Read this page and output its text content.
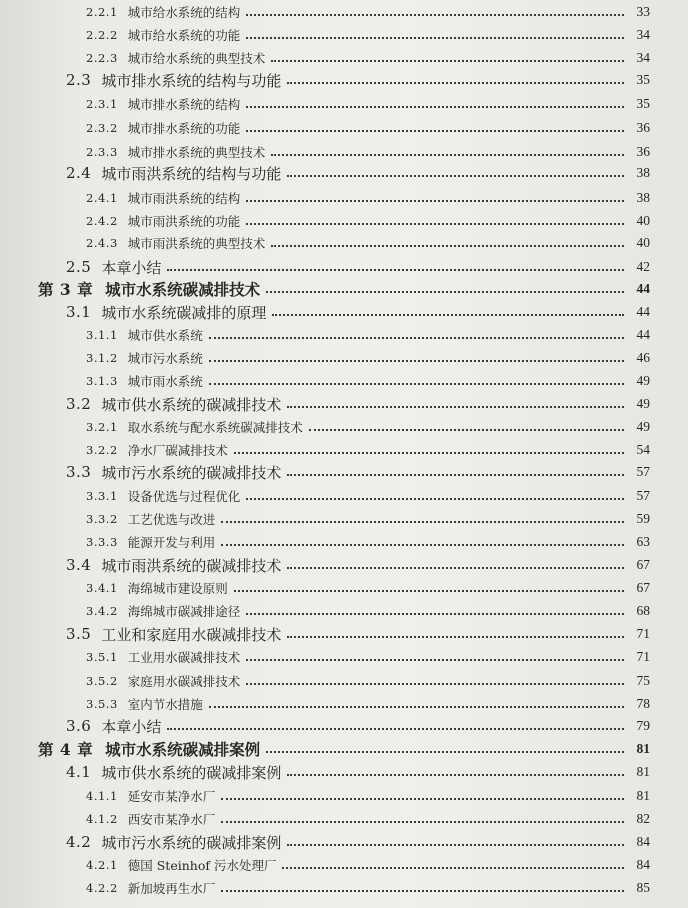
2.2.1 城市给水系统的结构	33
2.2.2 城市给水系统的功能	34
2.2.3 城市给水系统的典型技术	34
2.3 城市排水系统的结构与功能	35
2.3.1 城市排水系统的结构	35
2.3.2 城市排水系统的功能	36
2.3.3 城市排水系统的典型技术	36
2.4 城市雨洪系统的结构与功能	38
2.4.1 城市雨洪系统的结构	38
2.4.2 城市雨洪系统的功能	40
2.4.3 城市雨洪系统的典型技术	40
2.5 本章小结	42
第 3 章 城市水系统碳减排技术	44
3.1 城市水系统碳减排的原理	44
3.1.1 城市供水系统	44
3.1.2 城市污水系统	46
3.1.3 城市雨水系统	49
3.2 城市供水系统的碳减排技术	49
3.2.1 取水系统与配水系统碳减排技术	49
3.2.2 净水厂碳减排技术	54
3.3 城市污水系统的碳减排技术	57
3.3.1 设备优选与过程优化	57
3.3.2 工艺优选与改进	59
3.3.3 能源开发与利用	63
3.4 城市雨洪系统的碳减排技术	67
3.4.1 海绵城市建设原则	67
3.4.2 海绵城市碳减排途径	68
3.5 工业和家庭用水碳减排技术	71
3.5.1 工业用水碳减排技术	71
3.5.2 家庭用水碳减排技术	75
3.5.3 室内节水措施	78
3.6 本章小结	79
第 4 章 城市水系统碳减排案例	81
4.1 城市供水系统的碳减排案例	81
4.1.1 延安市某净水厂	81
4.1.2 西安市某净水厂	82
4.2 城市污水系统的碳减排案例	84
4.2.1 德国 Steinhof 污水处理厂	84
4.2.2 新加坡再生水厂	85
